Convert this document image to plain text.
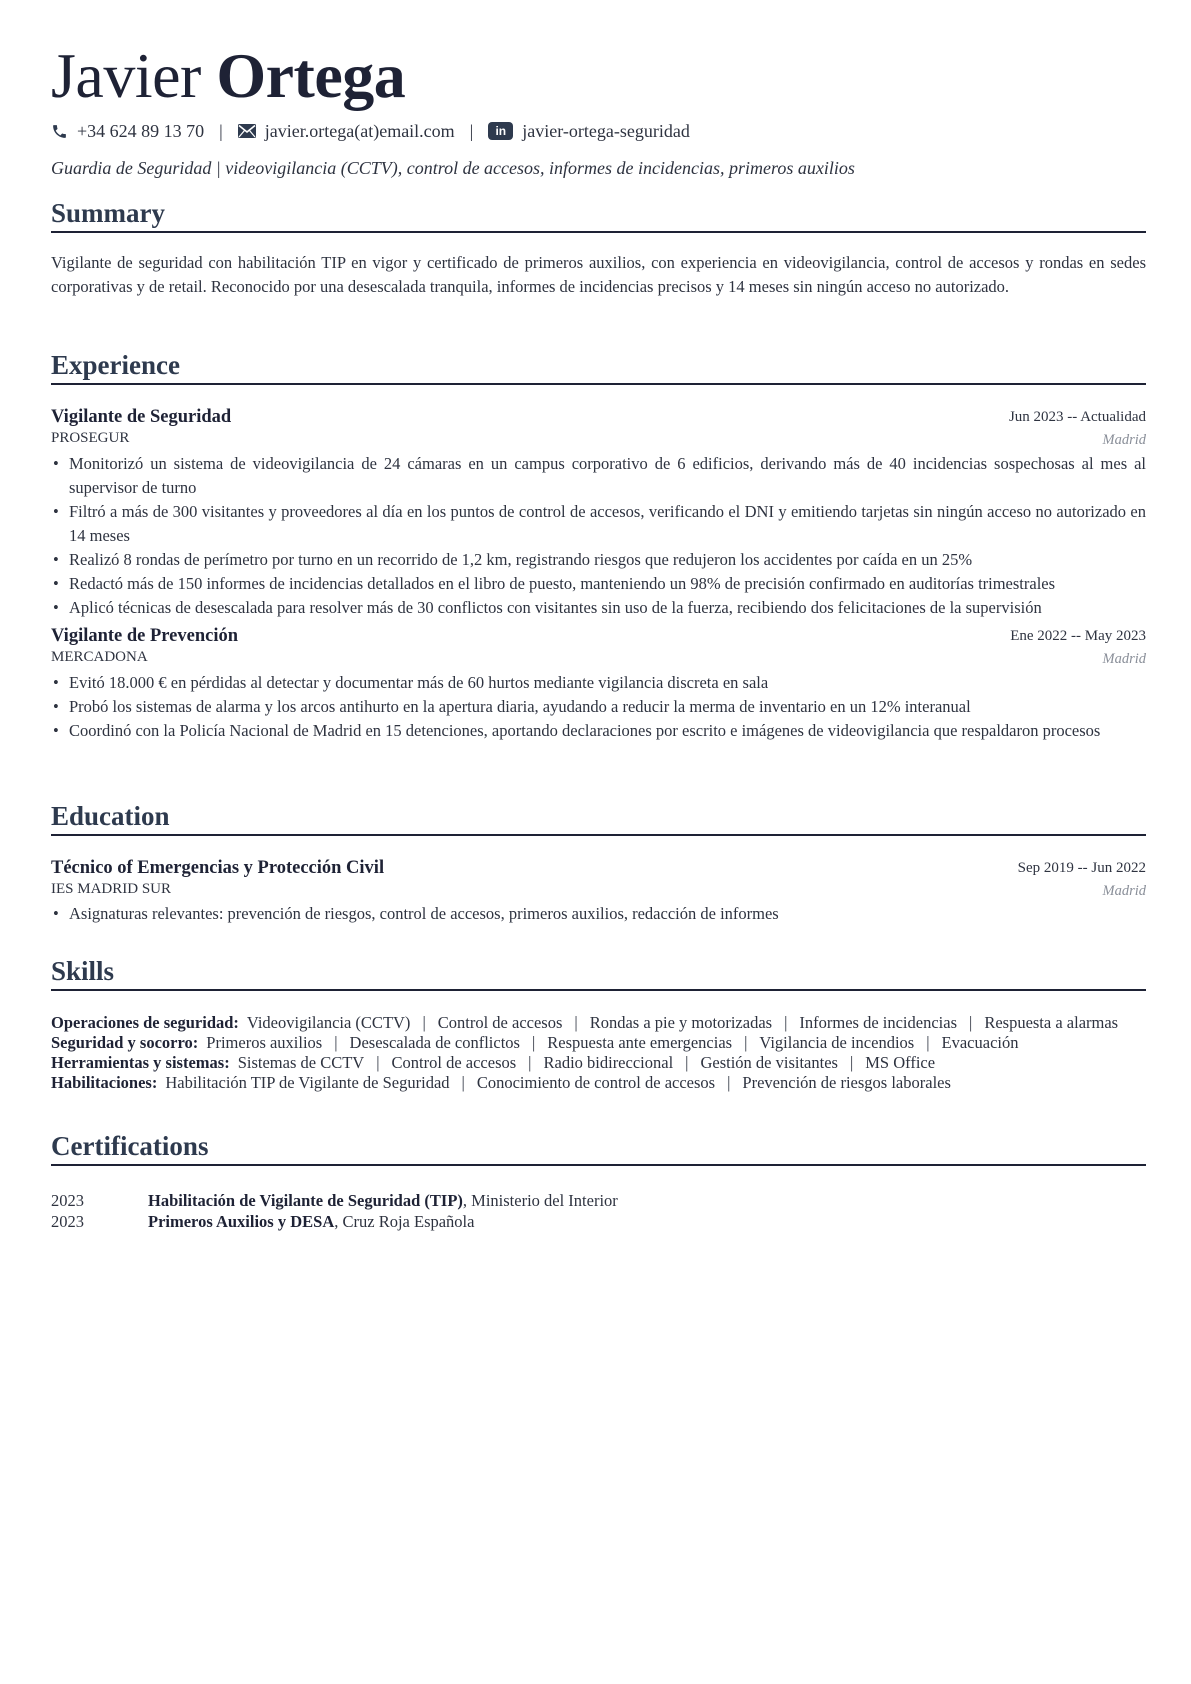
Javier Ortega
+34 624 89 13 70 | javier.ortega(at)email.com |	in javier-ortega-seguridad
Guardia de Seguridad | videovigilancia (CCTV), control de accesos, informes de incidencias, primeros auxilios
Summary
Vigilante de seguridad con habilitación TIP en vigor y certificado de primeros auxilios, con experiencia en videovigilancia, control de accesos y rondas en sedes corporativas y de retail. Reconocido por una desescalada tranquila, informes de incidencias precisos y 14 meses sin ningún acceso no autorizado.
Experience
Vigilante de Seguridad	Jun 2023 -- Actualidad
PROSEGUR	Madrid
• Monitorizó un sistema de videovigilancia de 24 cámaras en un campus corporativo de 6 edificios, derivando más de 40 incidencias sospechosas al mes al supervisor de turno
• Filtró a más de 300 visitantes y proveedores al día en los puntos de control de accesos, verificando el DNI y emitiendo tarjetas sin ningún acceso no autorizado en 14 meses
• Realizó 8 rondas de perímetro por turno en un recorrido de 1,2 km, registrando riesgos que redujeron los accidentes por caída en un 25%
• Redactó más de 150 informes de incidencias detallados en el libro de puesto, manteniendo un 98% de precisión confirmado en auditorías trimestrales
• Aplicó técnicas de desescalada para resolver más de 30 conflictos con visitantes sin uso de la fuerza, recibiendo dos felicitaciones de la supervisión
Vigilante de Prevención	Ene 2022 -- May 2023
MERCADONA	Madrid
• Evitó 18.000 € en pérdidas al detectar y documentar más de 60 hurtos mediante vigilancia discreta en sala
• Probó los sistemas de alarma y los arcos antihurto en la apertura diaria, ayudando a reducir la merma de inventario en un 12% interanual
• Coordinó con la Policía Nacional de Madrid en 15 detenciones, aportando declaraciones por escrito e imágenes de videovigilancia que respaldaron procesos
Education
Técnico of Emergencias y Protección Civil	Sep 2019 -- Jun 2022
IES MADRID SUR	Madrid
• Asignaturas relevantes: prevención de riesgos, control de accesos, primeros auxilios, redacción de informes
Skills
Operaciones de seguridad: Videovigilancia (CCTV) | Control de accesos | Rondas a pie y motorizadas | Informes de incidencias | Respuesta a alarmas
Seguridad y socorro: Primeros auxilios | Desescalada de conflictos | Respuesta ante emergencias | Vigilancia de incendios | Evacuación
Herramientas y sistemas: Sistemas de CCTV | Control de accesos | Radio bidireccional | Gestión de visitantes | MS Office
Habilitaciones: Habilitación TIP de Vigilante de Seguridad | Conocimiento de control de accesos | Prevención de riesgos laborales
Certifications
2023	Habilitación de Vigilante de Seguridad (TIP), Ministerio del Interior
2023	Primeros Auxilios y DESA, Cruz Roja Española
